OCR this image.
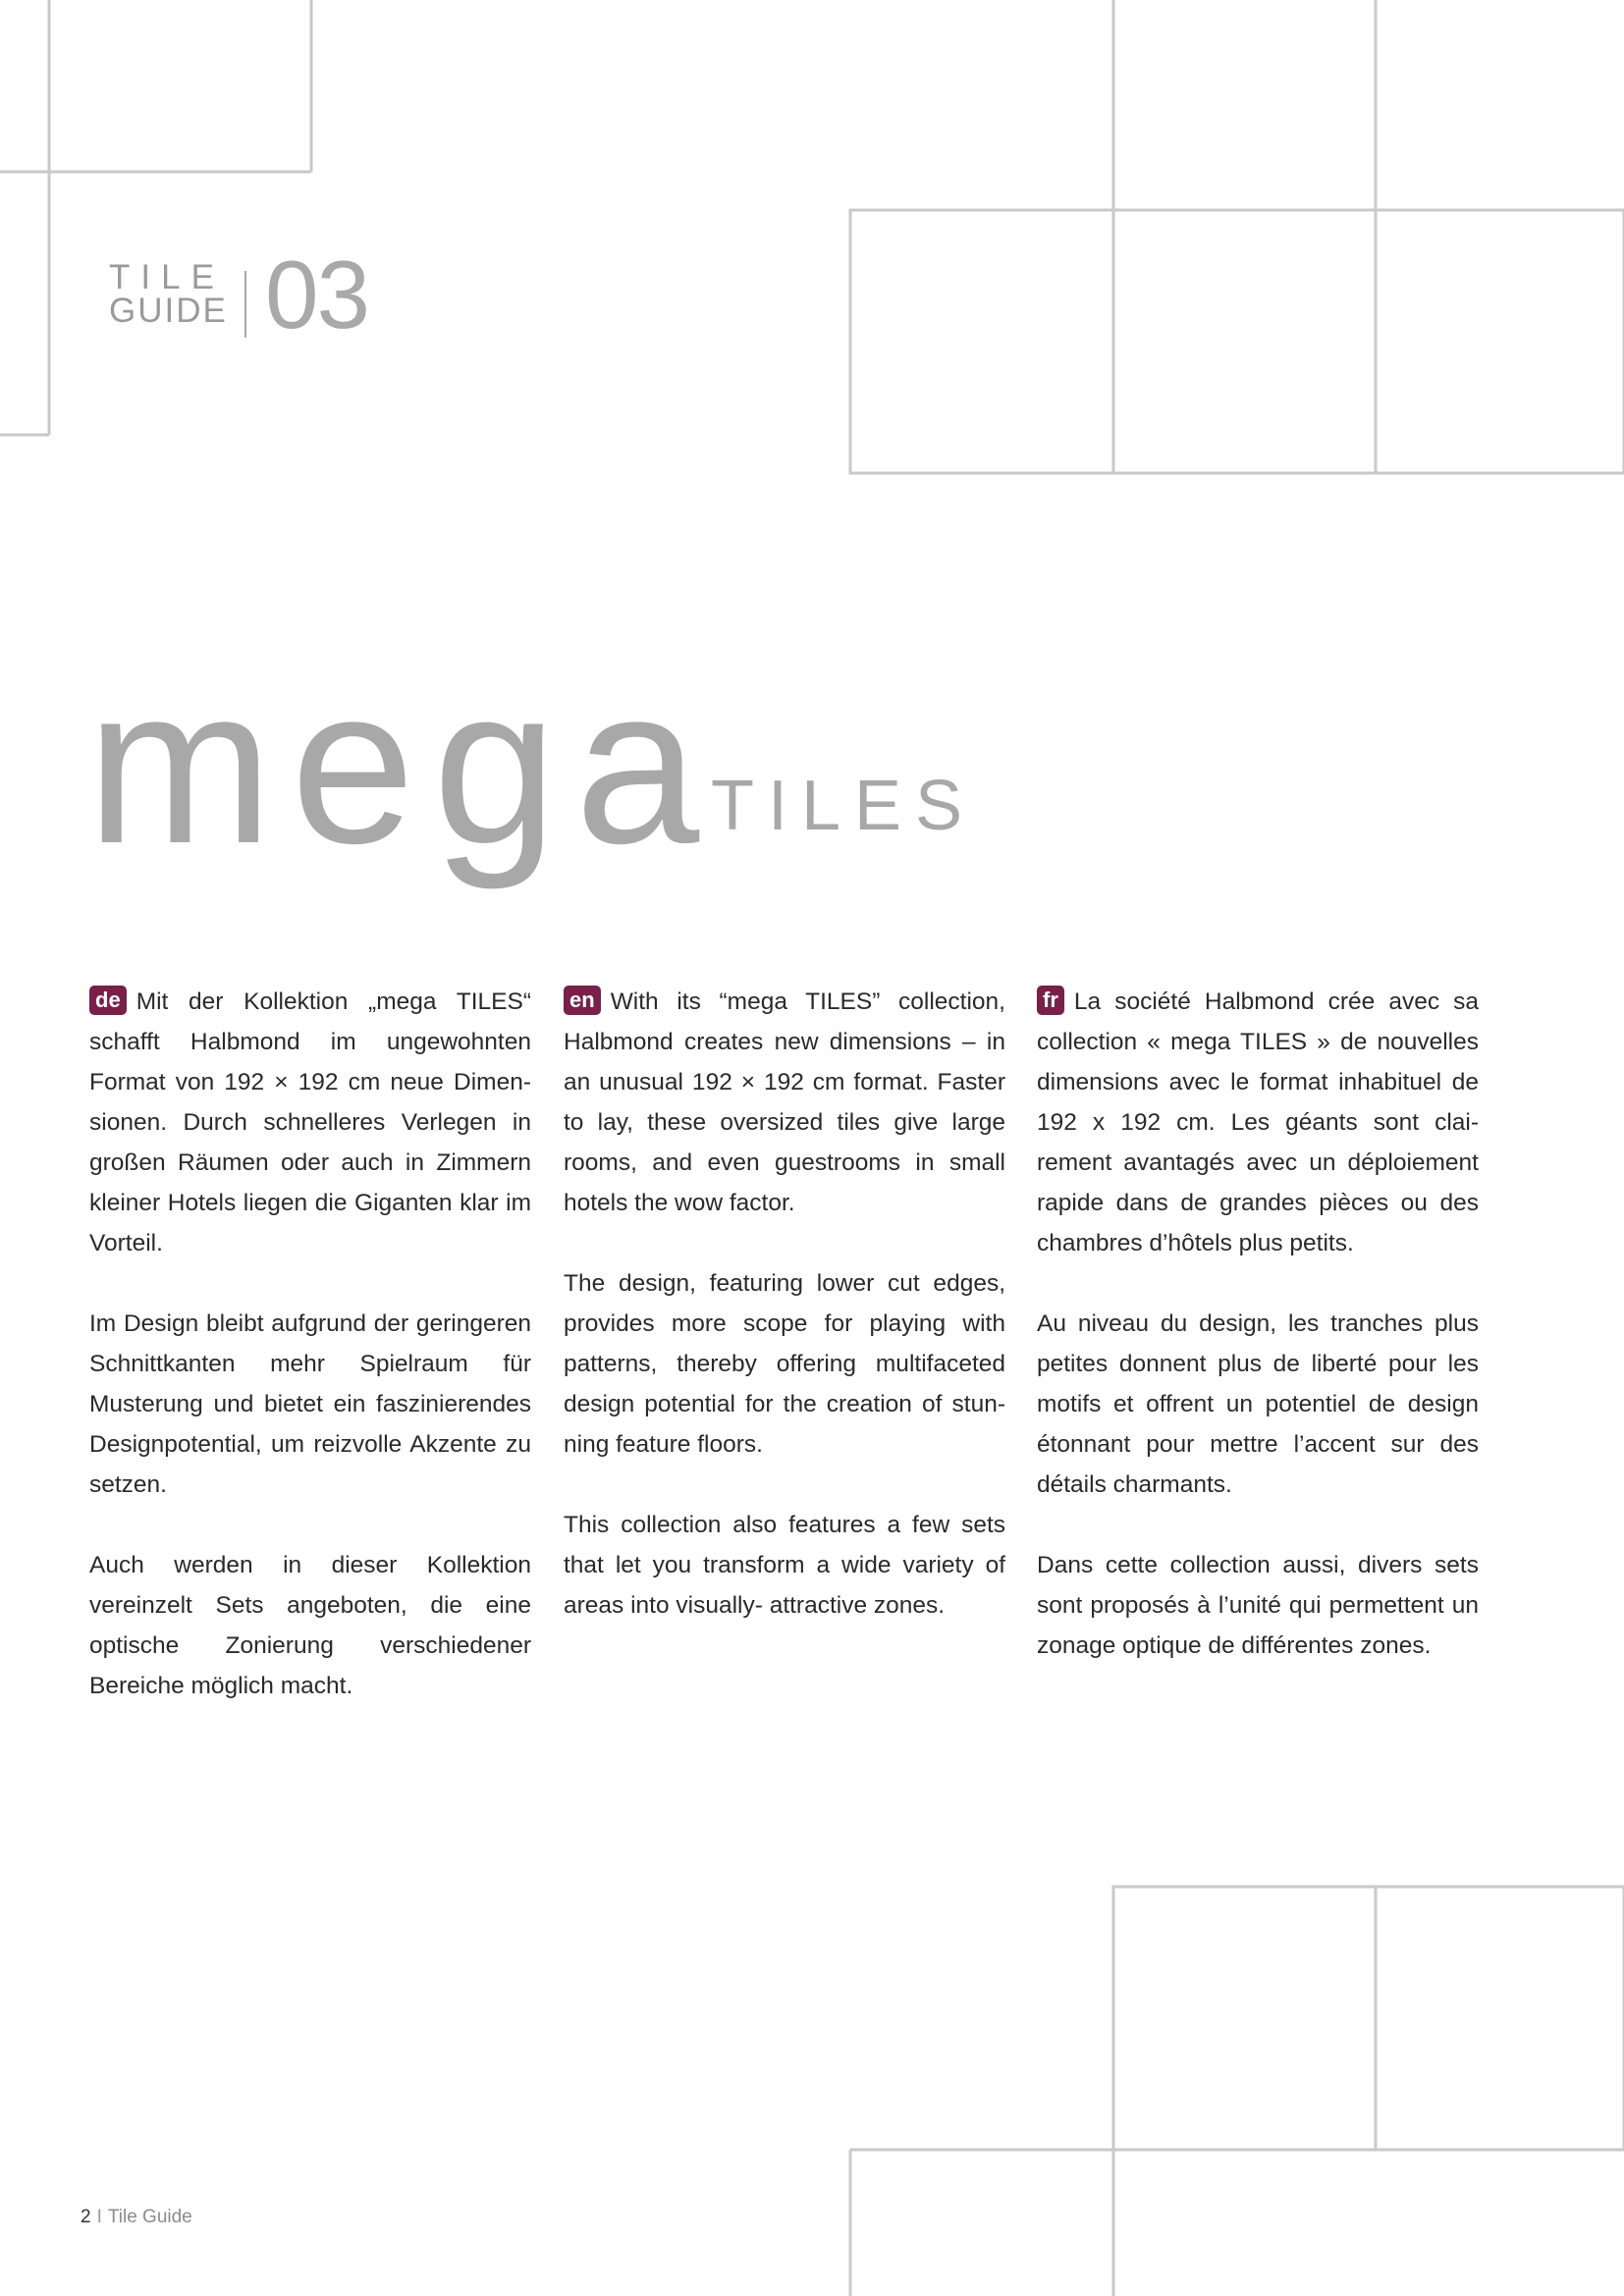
TILE
GUIDE 03
mega
TILES

de Mit der Kollektion „mega TILES“ schafft Halbmond im ungewohnten Format von 192 × 192 cm neue Dimensionen. Durch schnelleres Verlegen in großen Räumen oder auch in Zimmern kleiner Hotels liegen die Giganten klar im Vorteil.

Im Design bleibt aufgrund der geringeren Schnittkanten mehr Spielraum für Musterung und bietet ein faszinierendes Designpotential, um reizvolle Akzente zu setzen.

Auch werden in dieser Kollektion vereinzelt Sets angeboten, die eine optische Zonierung verschiedener Bereiche möglich macht.

en With its “mega TILES” collection, Halbmond creates new dimensions – in an unusual 192 × 192 cm format. Faster to lay, these oversized tiles give large rooms, and even guestrooms in small hotels the wow factor.

The design, featuring lower cut edges, provides more scope for playing with patterns, thereby offering multifaceted design potential for the creation of stunning feature floors.

This collection also features a few sets that let you transform a wide variety of areas into visually- attractive zones.

fr La société Halbmond crée avec sa collection « mega TILES » de nouvelles dimensions avec le format inhabituel de 192 x 192 cm. Les géants sont clairement avantagés avec un déploiement rapide dans de grandes pièces ou des chambres d’hôtels plus petits.

Au niveau du design, les tranches plus petites donnent plus de liberté pour les motifs et offrent un potentiel de design étonnant pour mettre l’accent sur des détails charmants.

Dans cette collection aussi, divers sets sont proposés à l’unité qui permettent un zonage optique de différentes zones.

2 I Tile Guide
